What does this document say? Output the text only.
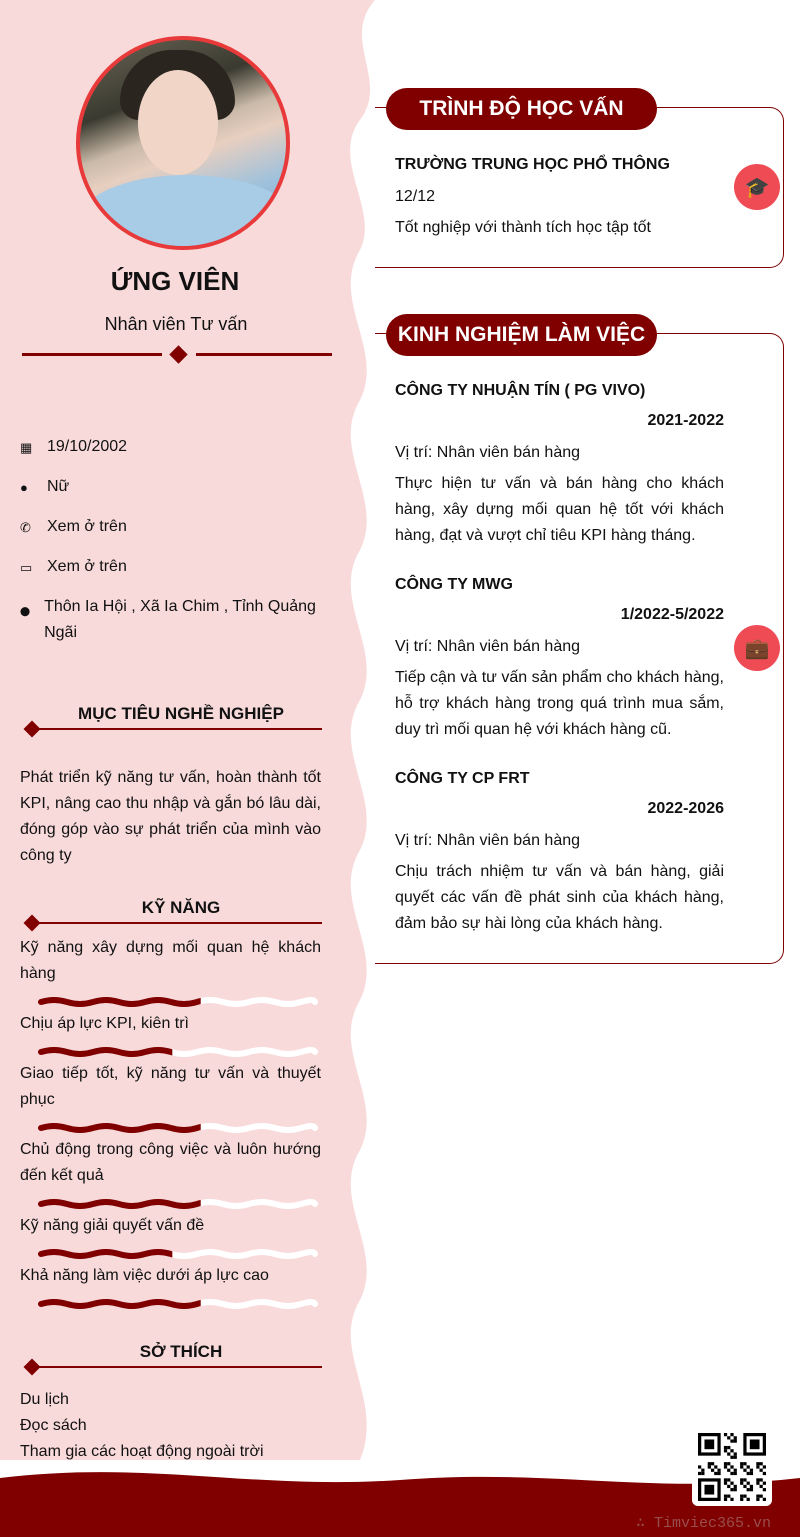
ỨNG VIÊN
Nhân viên Tư vấn
▦ 19/10/2002
●	Nữ
✆	Xem ở trên
▭ Xem ở trên
⬤ Thôn Ia Hội , Xã Ia Chim , Tỉnh Quảng Ngãi
MỤC TIÊU NGHỀ NGHIỆP
Phát triển kỹ năng tư vấn, hoàn thành tốt KPI, nâng cao thu nhập và gắn bó lâu dài, đóng góp vào sự phát triển của mình vào công ty
KỸ NĂNG
Kỹ năng xây dựng mối quan hệ khách hàng
Chịu áp lực KPI, kiên trì
Giao tiếp tốt, kỹ năng tư vấn và thuyết phục
Chủ động trong công việc và luôn hướng đến kết quả
Kỹ năng giải quyết vấn đề
Khả năng làm việc dưới áp lực cao
SỞ THÍCH
Du lịch
Đọc sách
Tham gia các hoạt động ngoài trời
TRÌNH ĐỘ HỌC VẤN
🎓
TRƯỜNG TRUNG HỌC PHỔ THÔNG
12/12
Tốt nghiệp với thành tích học tập tốt
KINH NGHIỆM LÀM VIỆC
💼
CÔNG TY NHUẬN TÍN ( PG VIVO)
2021-2022
Vị trí: Nhân viên bán hàng
Thực hiện tư vấn và bán hàng cho khách hàng, xây dựng mối quan hệ tốt với khách hàng, đạt và vượt chỉ tiêu KPI hàng tháng.
CÔNG TY MWG
1/2022-5/2022
Vị trí: Nhân viên bán hàng
Tiếp cận và tư vấn sản phẩm cho khách hàng, hỗ trợ khách hàng trong quá trình mua sắm, duy trì mối quan hệ với khách hàng cũ.
CÔNG TY CP FRT
2022-2026
Vị trí: Nhân viên bán hàng
Chịu trách nhiệm tư vấn và bán hàng, giải quyết các vấn đề phát sinh của khách hàng, đảm bảo sự hài lòng của khách hàng.
∴ Timviec365.vn
